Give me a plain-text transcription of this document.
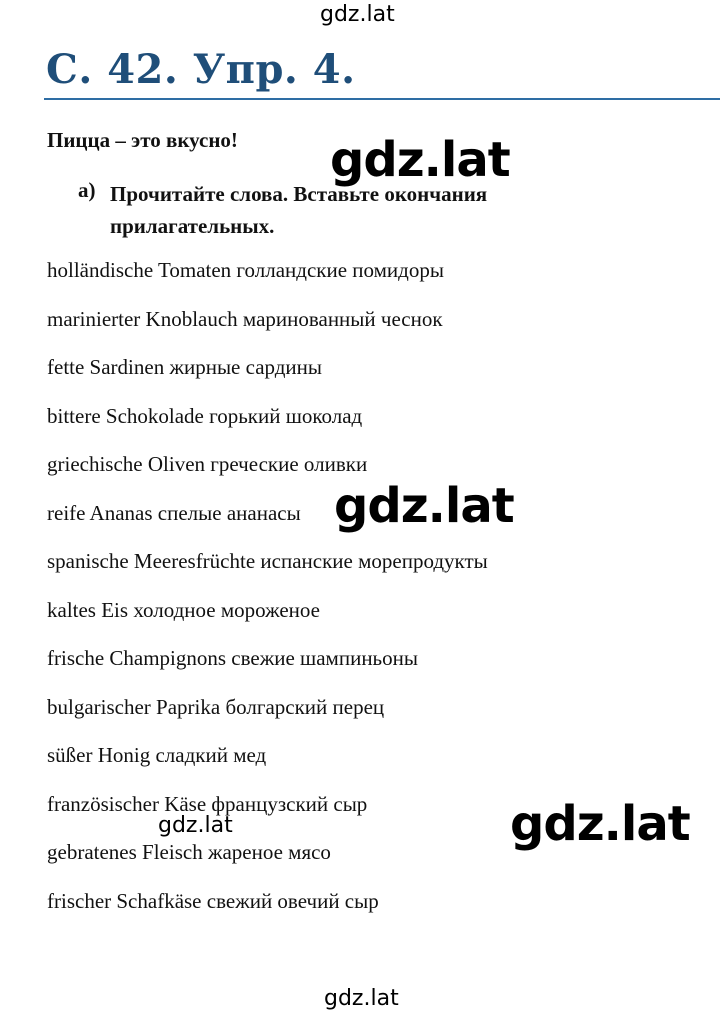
gdz.lat
С. 42. Упр. 4.
Пицца – это вкусно!
а) Прочитайте слова. Вставьте окончания прилагательных.
holländische Tomaten голландские помидоры
marinierter Knoblauch маринованный чеснок
fette Sardinen жирные сардины
bittere Schokolade горький шоколад
griechische Oliven греческие оливки
reife Ananas спелые ананасы
spanische Meeresfrüchte испанские морепродукты
kaltes Eis холодное мороженое
frische Champignons свежие шампиньоны
bulgarischer Paprika болгарский перец
süßer Honig сладкий мед
französischer Käse французский сыр
gebratenes Fleisch жареное мясо
frischer Schafkäse свежий овечий сыр
gdz.lat
gdz.lat
gdz.lat
gdz.lat
gdz.lat
